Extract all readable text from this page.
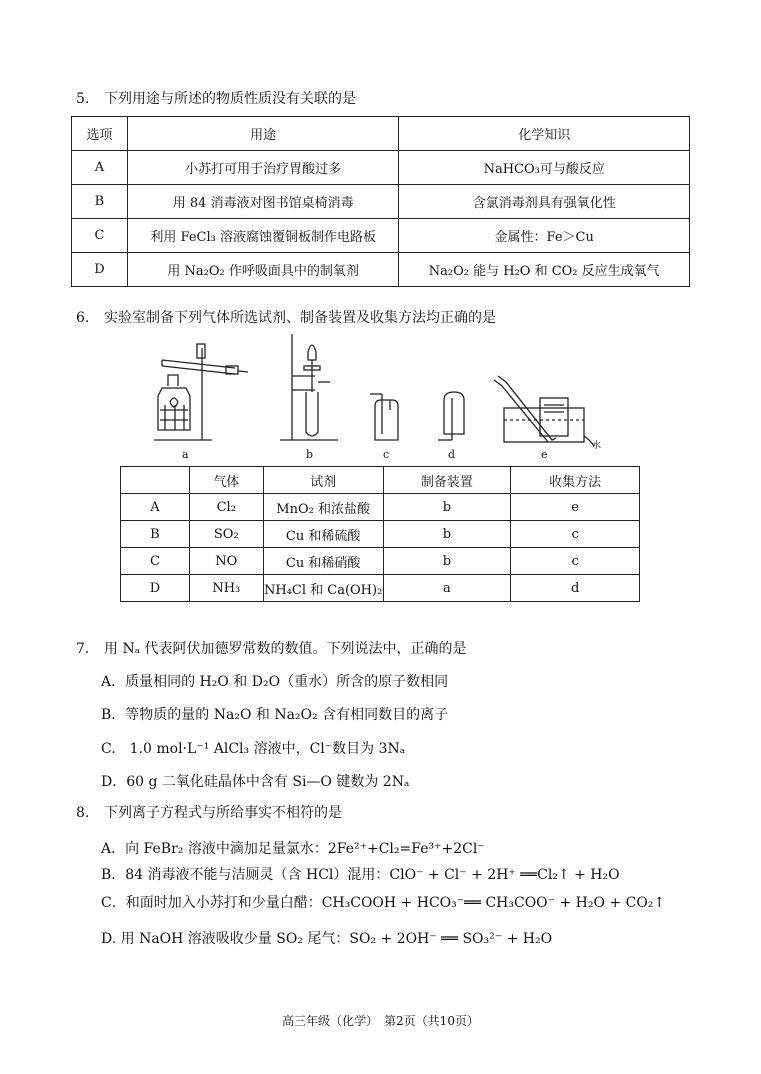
5. 下列用途与所述的物质性质没有关联的是
选项	用途	化学知识
A	小苏打可用于治疗胃酸过多	NaHCO₃可与酸反应
B	用 84 消毒液对图书馆桌椅消毒	含氯消毒剂具有强氧化性
C	利用 FeCl₃ 溶液腐蚀覆铜板制作电路板	金属性：Fe＞Cu
D	用 Na₂O₂ 作呼吸面具中的制氧剂	Na₂O₂ 能与 H₂O 和 CO₂ 反应生成氧气
6. 实验室制备下列气体所选试剂、制备装置及收集方法均正确的是
a	b	c	d	e
水
	气体	试剂	制备装置	收集方法
A	Cl₂	MnO₂ 和浓盐酸	b	e
B	SO₂	Cu 和稀硫酸	b	c
C	NO	Cu 和稀硝酸	b	c
D	NH₃	NH₄Cl 和 Ca(OH)₂	a	d
7. 用 Nₐ 代表阿伏加德罗常数的数值。下列说法中，正确的是
A．质量相同的 H₂O 和 D₂O（重水）所含的原子数相同
B．等物质的量的 Na₂O 和 Na₂O₂ 含有相同数目的离子
C.　1.0 mol·L⁻¹ AlCl₃ 溶液中，Cl⁻数目为 3Nₐ
D．60 g 二氧化硅晶体中含有 Si—O 键数为 2Nₐ
8. 下列离子方程式与所给事实不相符的是
A．向 FeBr₂ 溶液中滴加足量氯水：2Fe²⁺+Cl₂=Fe³⁺+2Cl⁻
B．84 消毒液不能与洁厕灵（含 HCl）混用：ClO⁻ + Cl⁻ + 2H⁺ ══Cl₂↑ + H₂O
C．和面时加入小苏打和少量白醋：CH₃COOH + HCO₃⁻══ CH₃COO⁻ + H₂O + CO₂↑
D. 用 NaOH 溶液吸收少量 SO₂ 尾气：SO₂ + 2OH⁻ ══ SO₃²⁻ + H₂O
高三年级（化学）　第2页（共10页）
